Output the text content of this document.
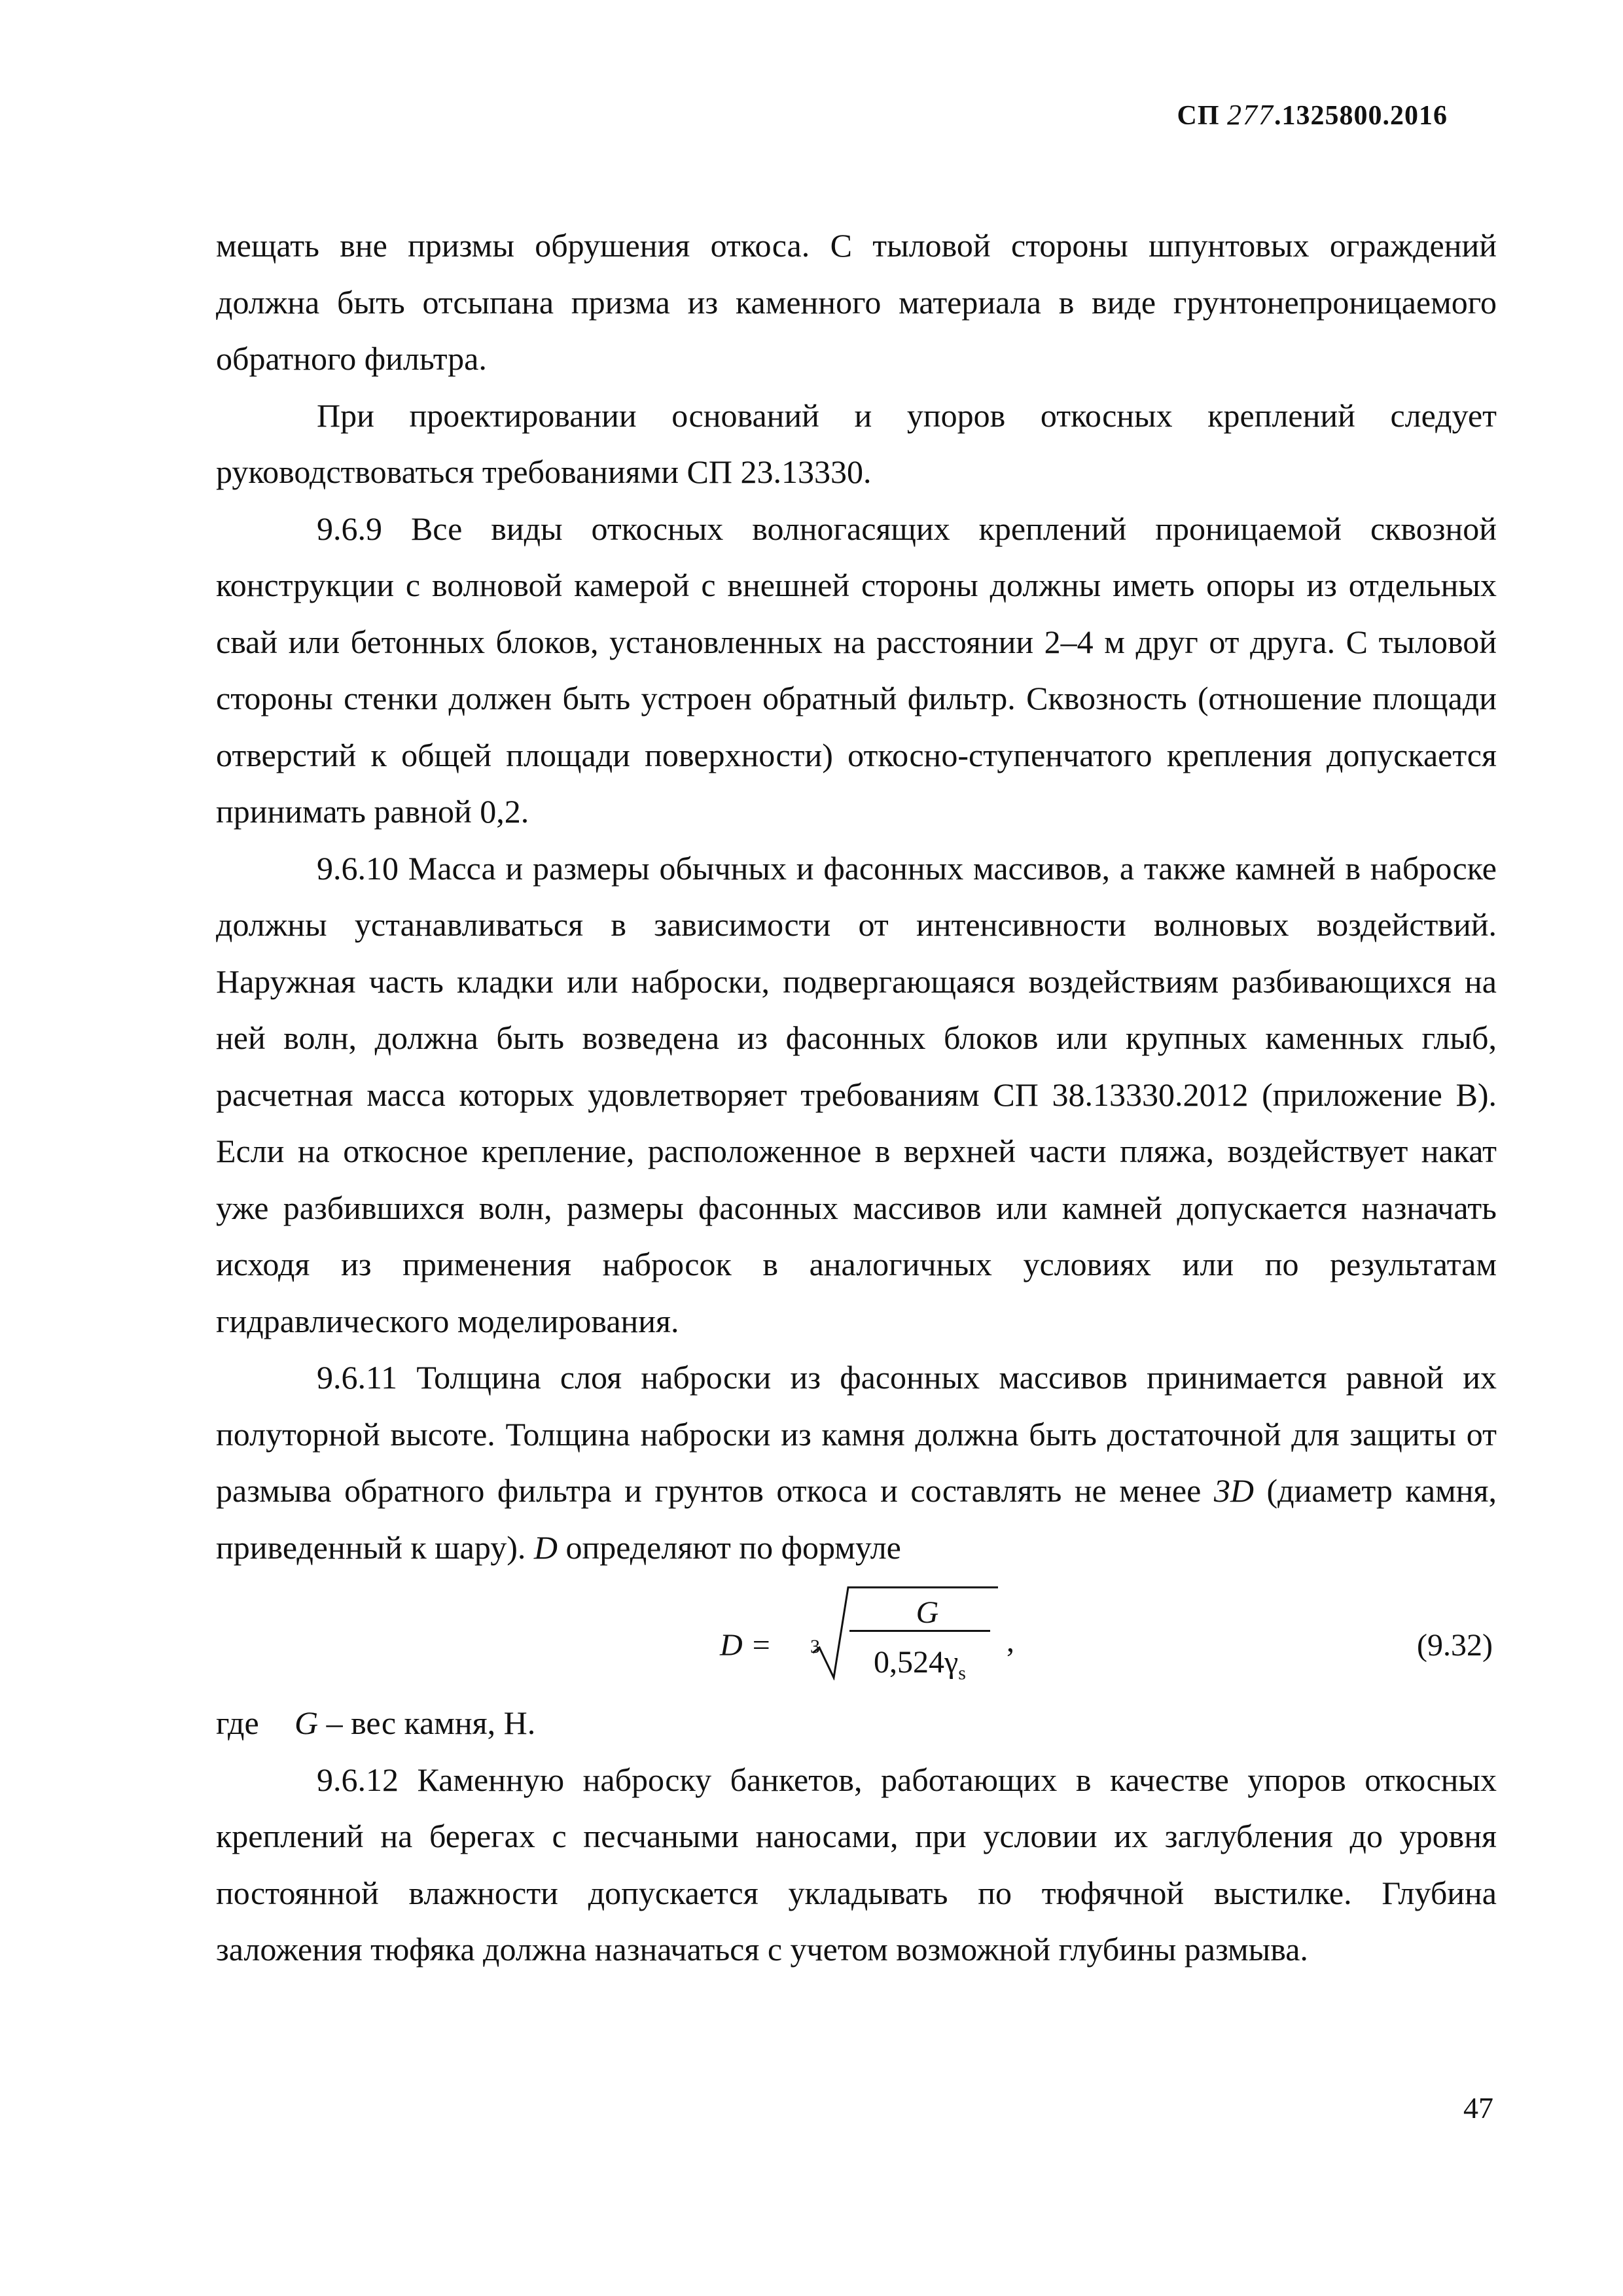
СП 277.1325800.2016

мещать вне призмы обрушения откоса. С тыловой стороны шпунтовых ограждений должна быть отсыпана призма из каменного материала в виде грунтонепроницаемого обратного фильтра.

При проектировании оснований и упоров откосных креплений следует руководствоваться требованиями СП 23.13330.

9.6.9 Все виды откосных волногасящих креплений проницаемой сквозной конструкции с волновой камерой с внешней стороны должны иметь опоры из отдельных свай или бетонных блоков, установленных на расстоянии 2–4 м друг от друга. С тыловой стороны стенки должен быть устроен обратный фильтр. Сквозность (отношение площади отверстий к общей площади поверхности) откосно-ступенчатого крепления допускается принимать равной 0,2.

9.6.10 Масса и размеры обычных и фасонных массивов, а также камней в наброске должны устанавливаться в зависимости от интенсивности волновых воздействий. Наружная часть кладки или наброски, подвергающаяся воздействиям разбивающихся на ней волн, должна быть возведена из фасонных блоков или крупных каменных глыб, расчетная масса которых удовлетворяет требованиям СП 38.13330.2012 (приложение В). Если на откосное крепление, расположенное в верхней части пляжа, воздействует накат уже разбившихся волн, размеры фасонных массивов или камней допускается назначать исходя из применения набросок в аналогичных условиях или по результатам гидравлического моделирования.

9.6.11 Толщина слоя наброски из фасонных массивов принимается равной их полуторной высоте. Толщина наброски из камня должна быть достаточной для защиты от размыва обратного фильтра и грунтов откоса и составлять не менее 3D (диаметр камня, приведенный к шару). D определяют по формуле

D = 3
G
$0,524\gamma_s$
,	(9.32)

где G – вес камня, Н.

9.6.12 Каменную наброску банкетов, работающих в качестве упоров откосных креплений на берегах с песчаными наносами, при условии их заглубления до уровня постоянной влажности допускается укладывать по тюфячной выстилке. Глубина заложения тюфяка должна назначаться с учетом возможной глубины размыва.

47
